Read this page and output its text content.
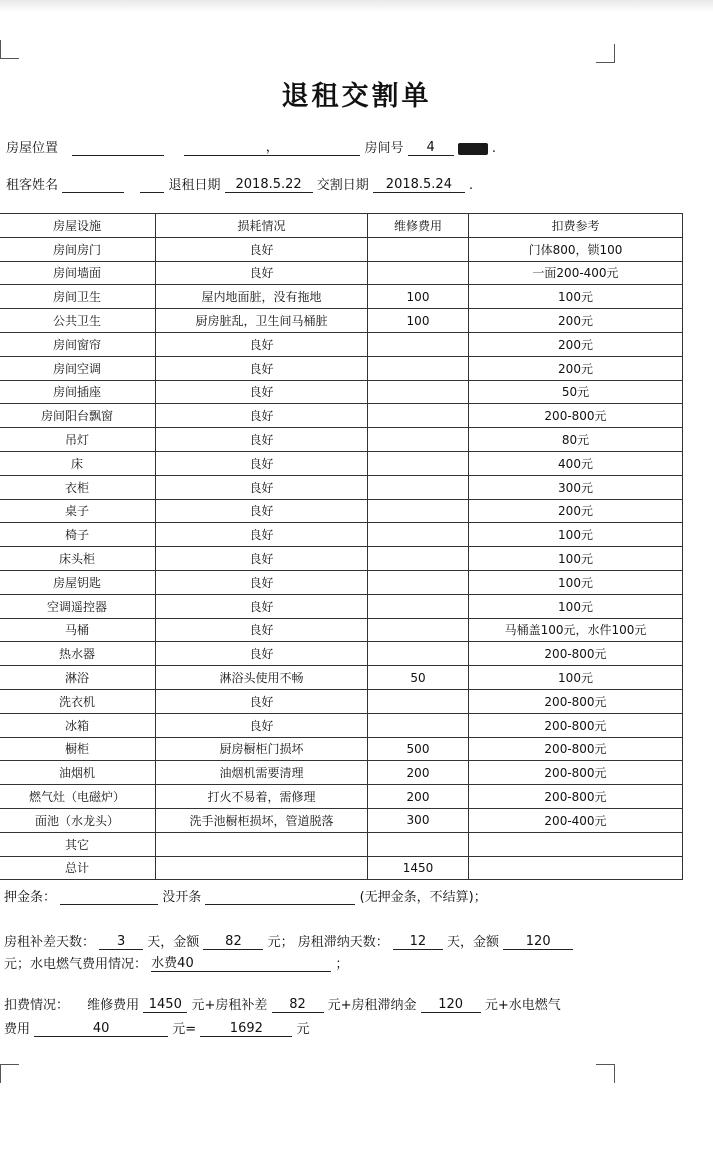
退租交割单
房屋位置	，	房间号 4	.
租客姓名	退租日期 2018.5.22 交割日期 2018.5.24 .
房屋设施	损耗情况	维修费用	扣费参考
房间房门	良好		门体800，锁100
房间墙面	良好		一面200-400元
房间卫生	屋内地面脏，没有拖地	100	100元
公共卫生	厨房脏乱，卫生间马桶脏	100	200元
房间窗帘	良好		200元
房间空调	良好		200元
房间插座	良好		50元
房间阳台飘窗	良好		200-800元
吊灯	良好		80元
床	良好		400元
衣柜	良好		300元
桌子	良好		200元
椅子	良好		100元
床头柜	良好		100元
房屋钥匙	良好		100元
空调遥控器	良好		100元
马桶	良好		马桶盖100元，水件100元
热水器	良好		200-800元
淋浴	淋浴头使用不畅	50	100元
洗衣机	良好		200-800元
冰箱	良好		200-800元
橱柜	厨房橱柜门损坏	500	200-800元
油烟机	油烟机需要清理	200	200-800元
燃气灶（电磁炉）	打火不易着，需修理	200	200-800元
面池（水龙头）	洗手池橱柜损坏，管道脱落	300	200-400元
其它			
总计		1450	
押金条：	没开条	(无押金条，不结算)；
房租补差天数： 3 天，金额 82 元； 房租滞纳天数： 12 天，金额 120
元；水电燃气费用情况： 水费40	；
扣费情况： 维修费用 1450 元+房租补差 82 元+房租滞纳金 120 元+水电燃气
费用	40	元=	1692	元
